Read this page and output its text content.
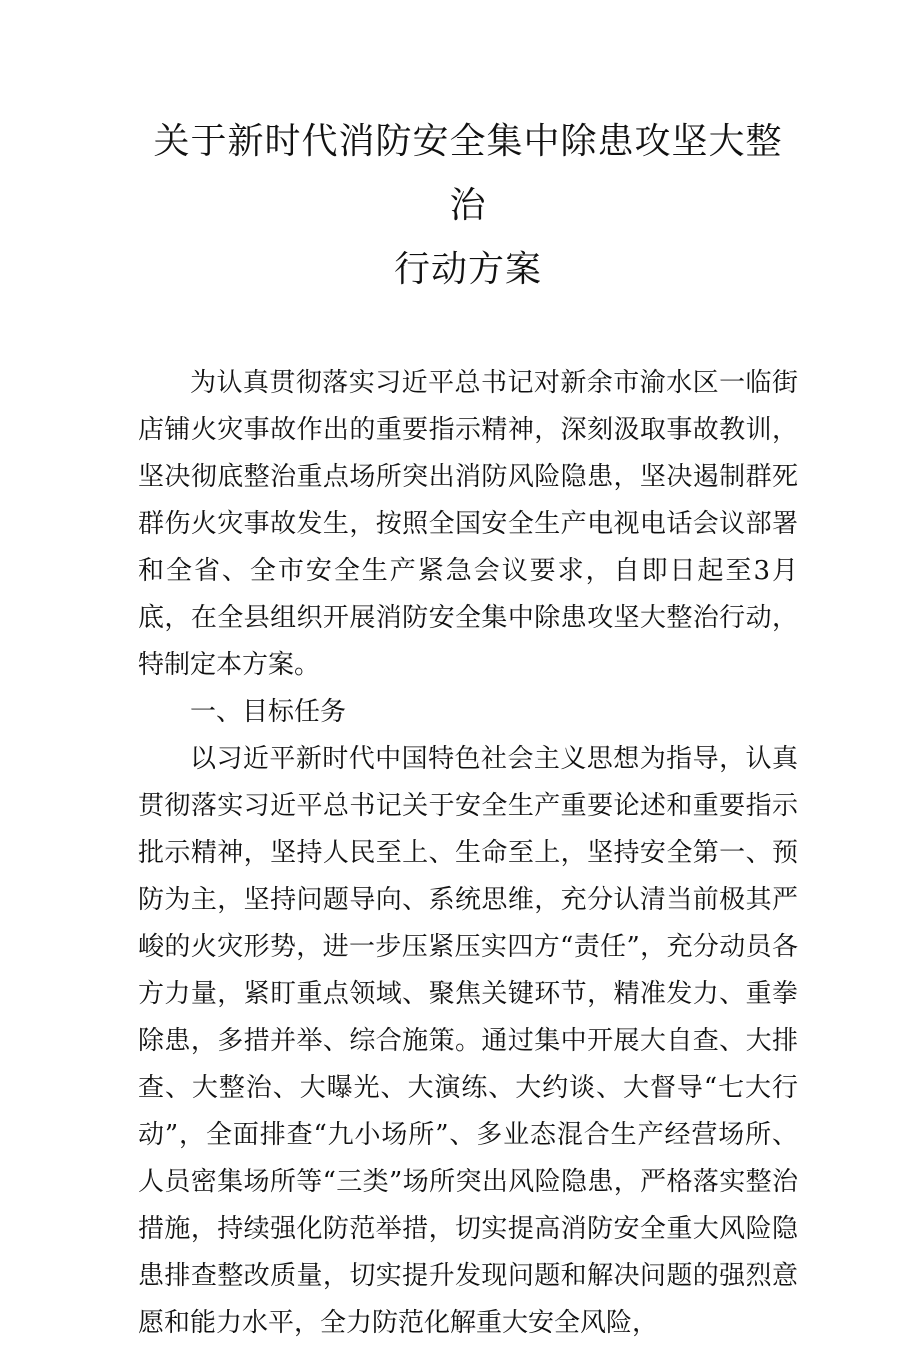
关于新时代消防安全集中除患攻坚大整治
行动方案

为认真贯彻落实习近平总书记对新余市渝水区一临街店铺火灾事故作出的重要指示精神，深刻汲取事故教训，坚决彻底整治重点场所突出消防风险隐患，坚决遏制群死群伤火灾事故发生，按照全国安全生产电视电话会议部署和全省、全市安全生产紧急会议要求，自即日起至3月底，在全县组织开展消防安全集中除患攻坚大整治行动，特制定本方案。

一、目标任务

以习近平新时代中国特色社会主义思想为指导，认真贯彻落实习近平总书记关于安全生产重要论述和重要指示批示精神，坚持人民至上、生命至上，坚持安全第一、预防为主，坚持问题导向、系统思维，充分认清当前极其严峻的火灾形势，进一步压紧压实四方“责任”，充分动员各方力量，紧盯重点领域、聚焦关键环节，精准发力、重拳除患，多措并举、综合施策。通过集中开展大自查、大排查、大整治、大曝光、大演练、大约谈、大督导“七大行动”，全面排查“九小场所”、多业态混合生产经营场所、人员密集场所等“三类”场所突出风险隐患，严格落实整治措施，持续强化防范举措，切实提高消防安全重大风险隐患排查整改质量，切实提升发现问题和解决问题的强烈意愿和能力水平，全力防范化解重大安全风险，
